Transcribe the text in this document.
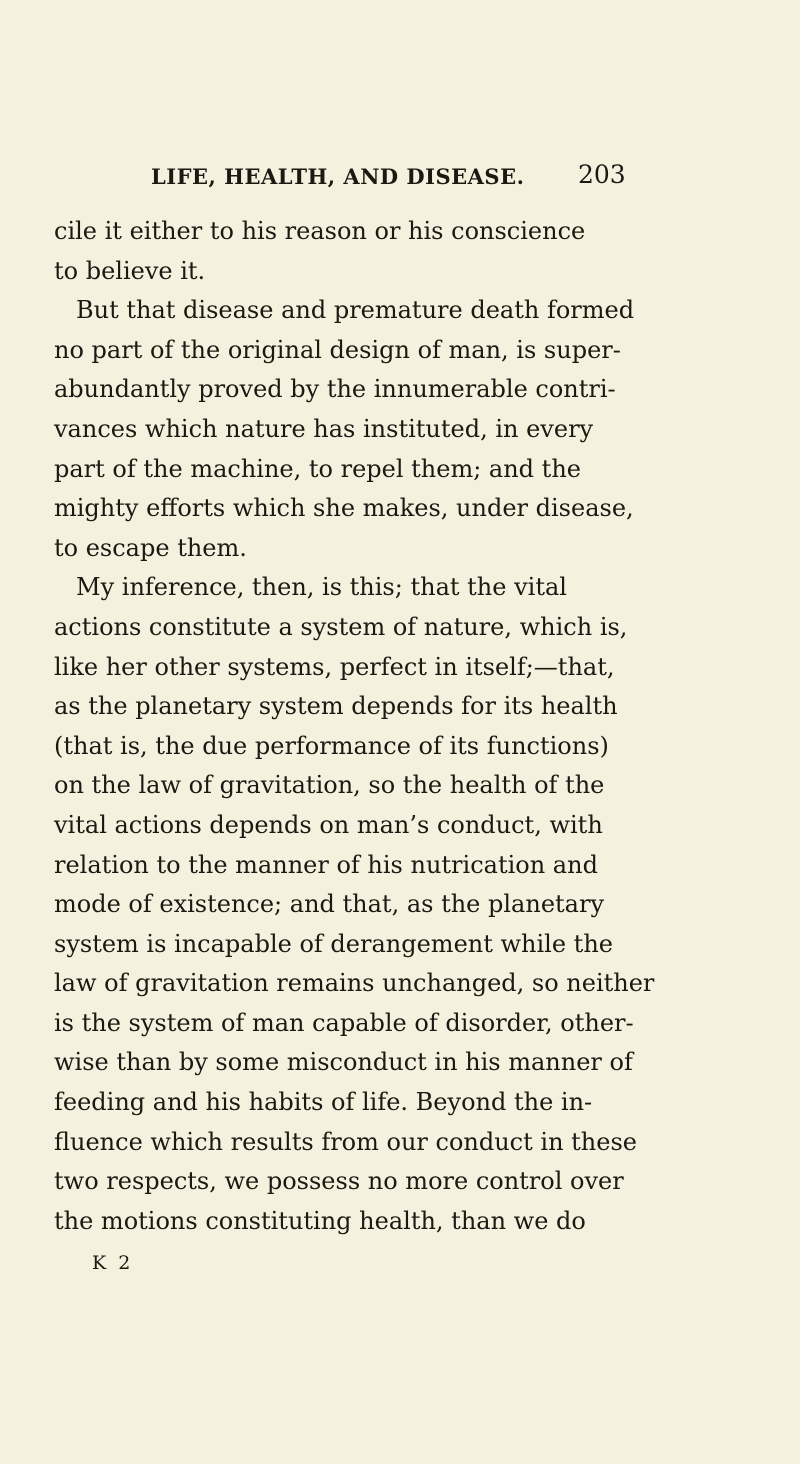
LIFE, HEALTH, AND DISEASE. 203
cile it either to his reason or his conscience
to believe it.
But that disease and premature death formed
no part of the original design of man, is super-
abundantly proved by the innumerable contri-
vances which nature has instituted, in every
part of the machine, to repel them; and the
mighty efforts which she makes, under disease,
to escape them.
My inference, then, is this; that the vital
actions constitute a system of nature, which is,
like her other systems, perfect in itself;—that,
as the planetary system depends for its health
(that is, the due performance of its functions)
on the law of gravitation, so the health of the
vital actions depends on man’s conduct, with
relation to the manner of his nutrication and
mode of existence; and that, as the planetary
system is incapable of derangement while the
law of gravitation remains unchanged, so neither
is the system of man capable of disorder, other-
wise than by some misconduct in his manner of
feeding and his habits of life. Beyond the in-
fluence which results from our conduct in these
two respects, we possess no more control over
the motions constituting health, than we do
K 2
